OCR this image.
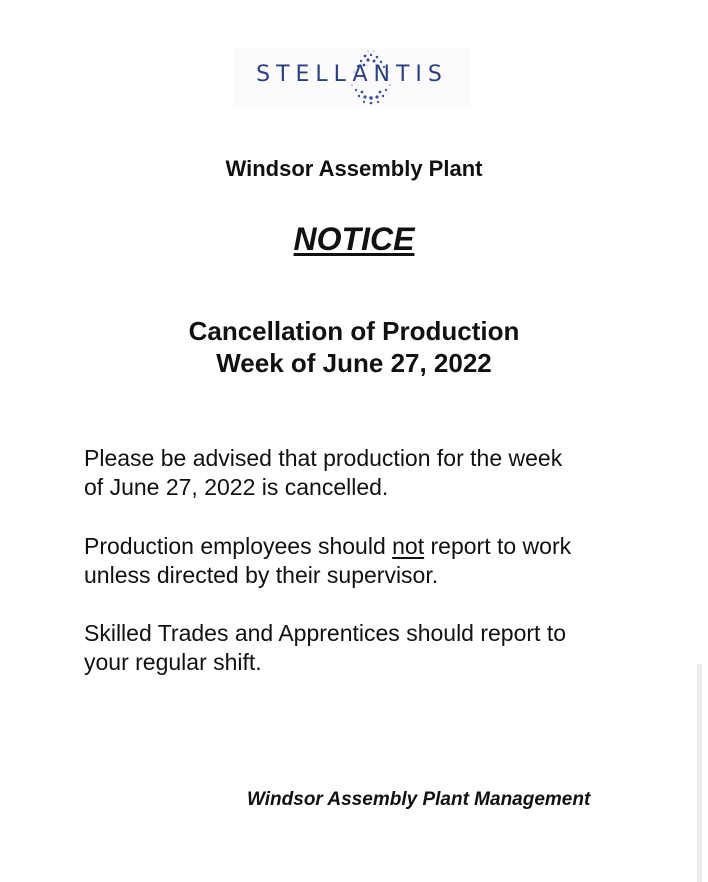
STELLANTIS
Windsor Assembly Plant
NOTICE
Cancellation of Production
Week of June 27, 2022
Please be advised that production for the week
of June 27, 2022 is cancelled.
Production employees should not report to work
unless directed by their supervisor.
Skilled Trades and Apprentices should report to
your regular shift.
Windsor Assembly Plant Management
